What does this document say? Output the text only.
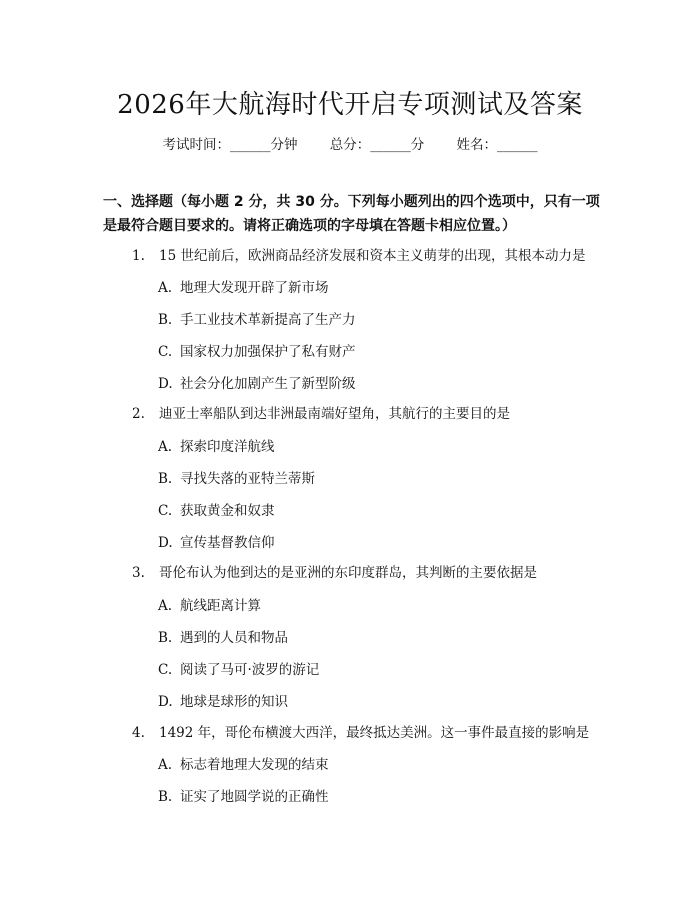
2026年大航海时代开启专项测试及答案
考试时间：______分钟 总分：______分 姓名：______
一、选择题（每小题 2 分，共 30 分。下列每小题列出的四个选项中，只有一项是最符合题目要求的。请将正确选项的字母填在答题卡相应位置。）
1. 15 世纪前后，欧洲商品经济发展和资本主义萌芽的出现，其根本动力是
A. 地理大发现开辟了新市场
B. 手工业技术革新提高了生产力
C. 国家权力加强保护了私有财产
D. 社会分化加剧产生了新型阶级
2. 迪亚士率船队到达非洲最南端好望角，其航行的主要目的是
A. 探索印度洋航线
B. 寻找失落的亚特兰蒂斯
C. 获取黄金和奴隶
D. 宣传基督教信仰
3. 哥伦布认为他到达的是亚洲的东印度群岛，其判断的主要依据是
A. 航线距离计算
B. 遇到的人员和物品
C. 阅读了马可·波罗的游记
D. 地球是球形的知识
4. 1492 年，哥伦布横渡大西洋，最终抵达美洲。这一事件最直接的影响是
A. 标志着地理大发现的结束
B. 证实了地圆学说的正确性
